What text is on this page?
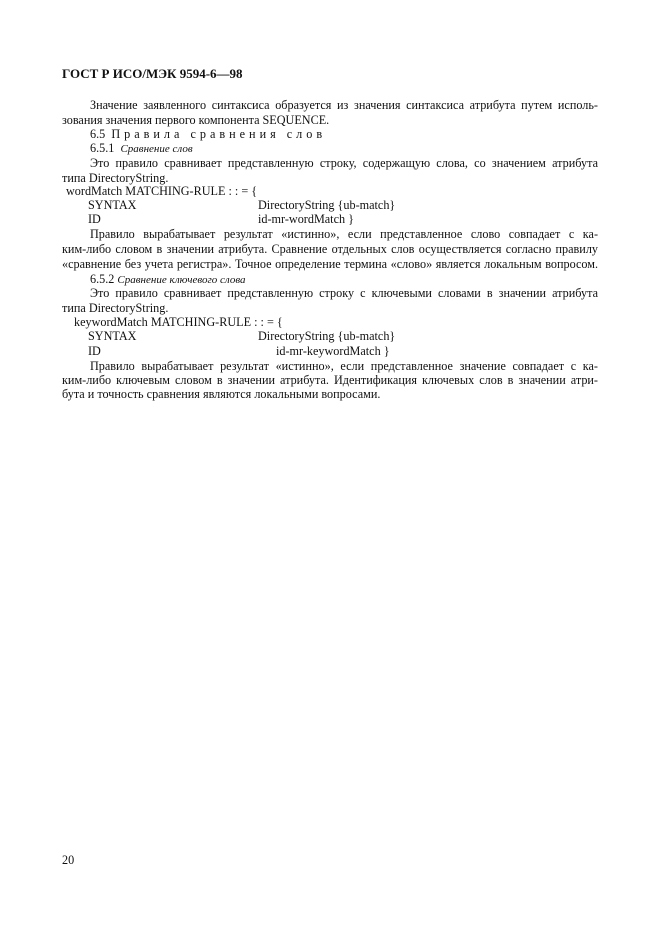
ГОСТ Р ИСО/МЭК 9594-6—98
Значение заявленного синтаксиса образуется из значения синтаксиса атрибута путем исполь-
зования значения первого компонента SEQUENCE.
6.5 Правила сравнения слов
6.5.1 Сравнение слов
Это правило сравнивает представленную строку, содержащую слова, со значением атрибута
типа DirectoryString.
wordMatch MATCHING-RULE : : = {
SYNTAX	DirectoryString {ub-match}
ID	id-mr-wordMatch }
Правило вырабатывает результат «истинно», если представленное слово совпадает с ка-
ким-либо словом в значении атрибута. Сравнение отдельных слов осуществляется согласно правилу
«сравнение без учета регистра». Точное определение термина «слово» является локальным вопросом.
6.5.2 Сравнение ключевого слова
Это правило сравнивает представленную строку с ключевыми словами в значении атрибута
типа DirectoryString.
keywordMatch MATCHING-RULE : : = {
SYNTAX	DirectoryString {ub-match}
ID	id-mr-keywordMatch }
Правило вырабатывает результат «истинно», если представленное значение совпадает с ка-
ким-либо ключевым словом в значении атрибута. Идентификация ключевых слов в значении атри-
бута и точность сравнения являются локальными вопросами.
20
